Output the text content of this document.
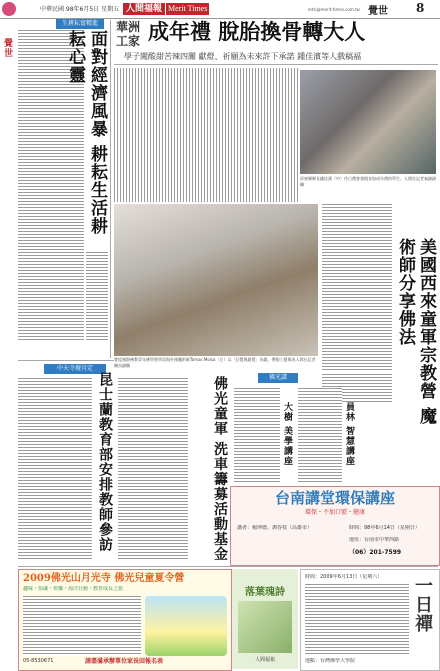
中華民國 98年6月5日 星期五 人間福報 Merit Times	mtsi@merit-times.com.tw 覺世 8
覺世
生耕耘富精進
面對經濟風暴 耕耘生活耕耘心靈
華洲
工家 成年禮 脫胎換骨轉大人
學子闖酸甜苦辣四關 獻燈、祈願為未來許下承諾 鍾佳濱等人戲稿福
屏東縣縣長鍾佳濱（中）作日禮會發摸各如成年禮的學生，人間社記者秦錦錦攝
覺度國際佛教青年佛學營學員與外國魔術師Tomas Moisa（左）以「幻覺與錯覺」為題，帶動工藝與成人間社記者陳昌錦攝	美國西來童軍宗教營 魔術師分享佛法
中天寺壇肯定
昆士蘭教育部安排教師參訪	佛光童軍 洗車籌募活動基金	佛光講
大樹 美學講座	員林 智慧講座
台南講堂環保講座
環保・不加口號・健康
講者：楊坤德、譚春枝（高雄市）	時間：98年6月14日（星期日）
地址：台南市中華西路
（06）201-7599
2009佛光山月光寺 佛光兒童夏令營
趣味・知識・快樂・海洋行動・教育成長之旅
05-8530671	請盡滿承辦單位家長回報名表
落葉瑰詩
人間福報
一日禪
時間：2009年6月13日（星期六）
地點：台灣佛學大學院
